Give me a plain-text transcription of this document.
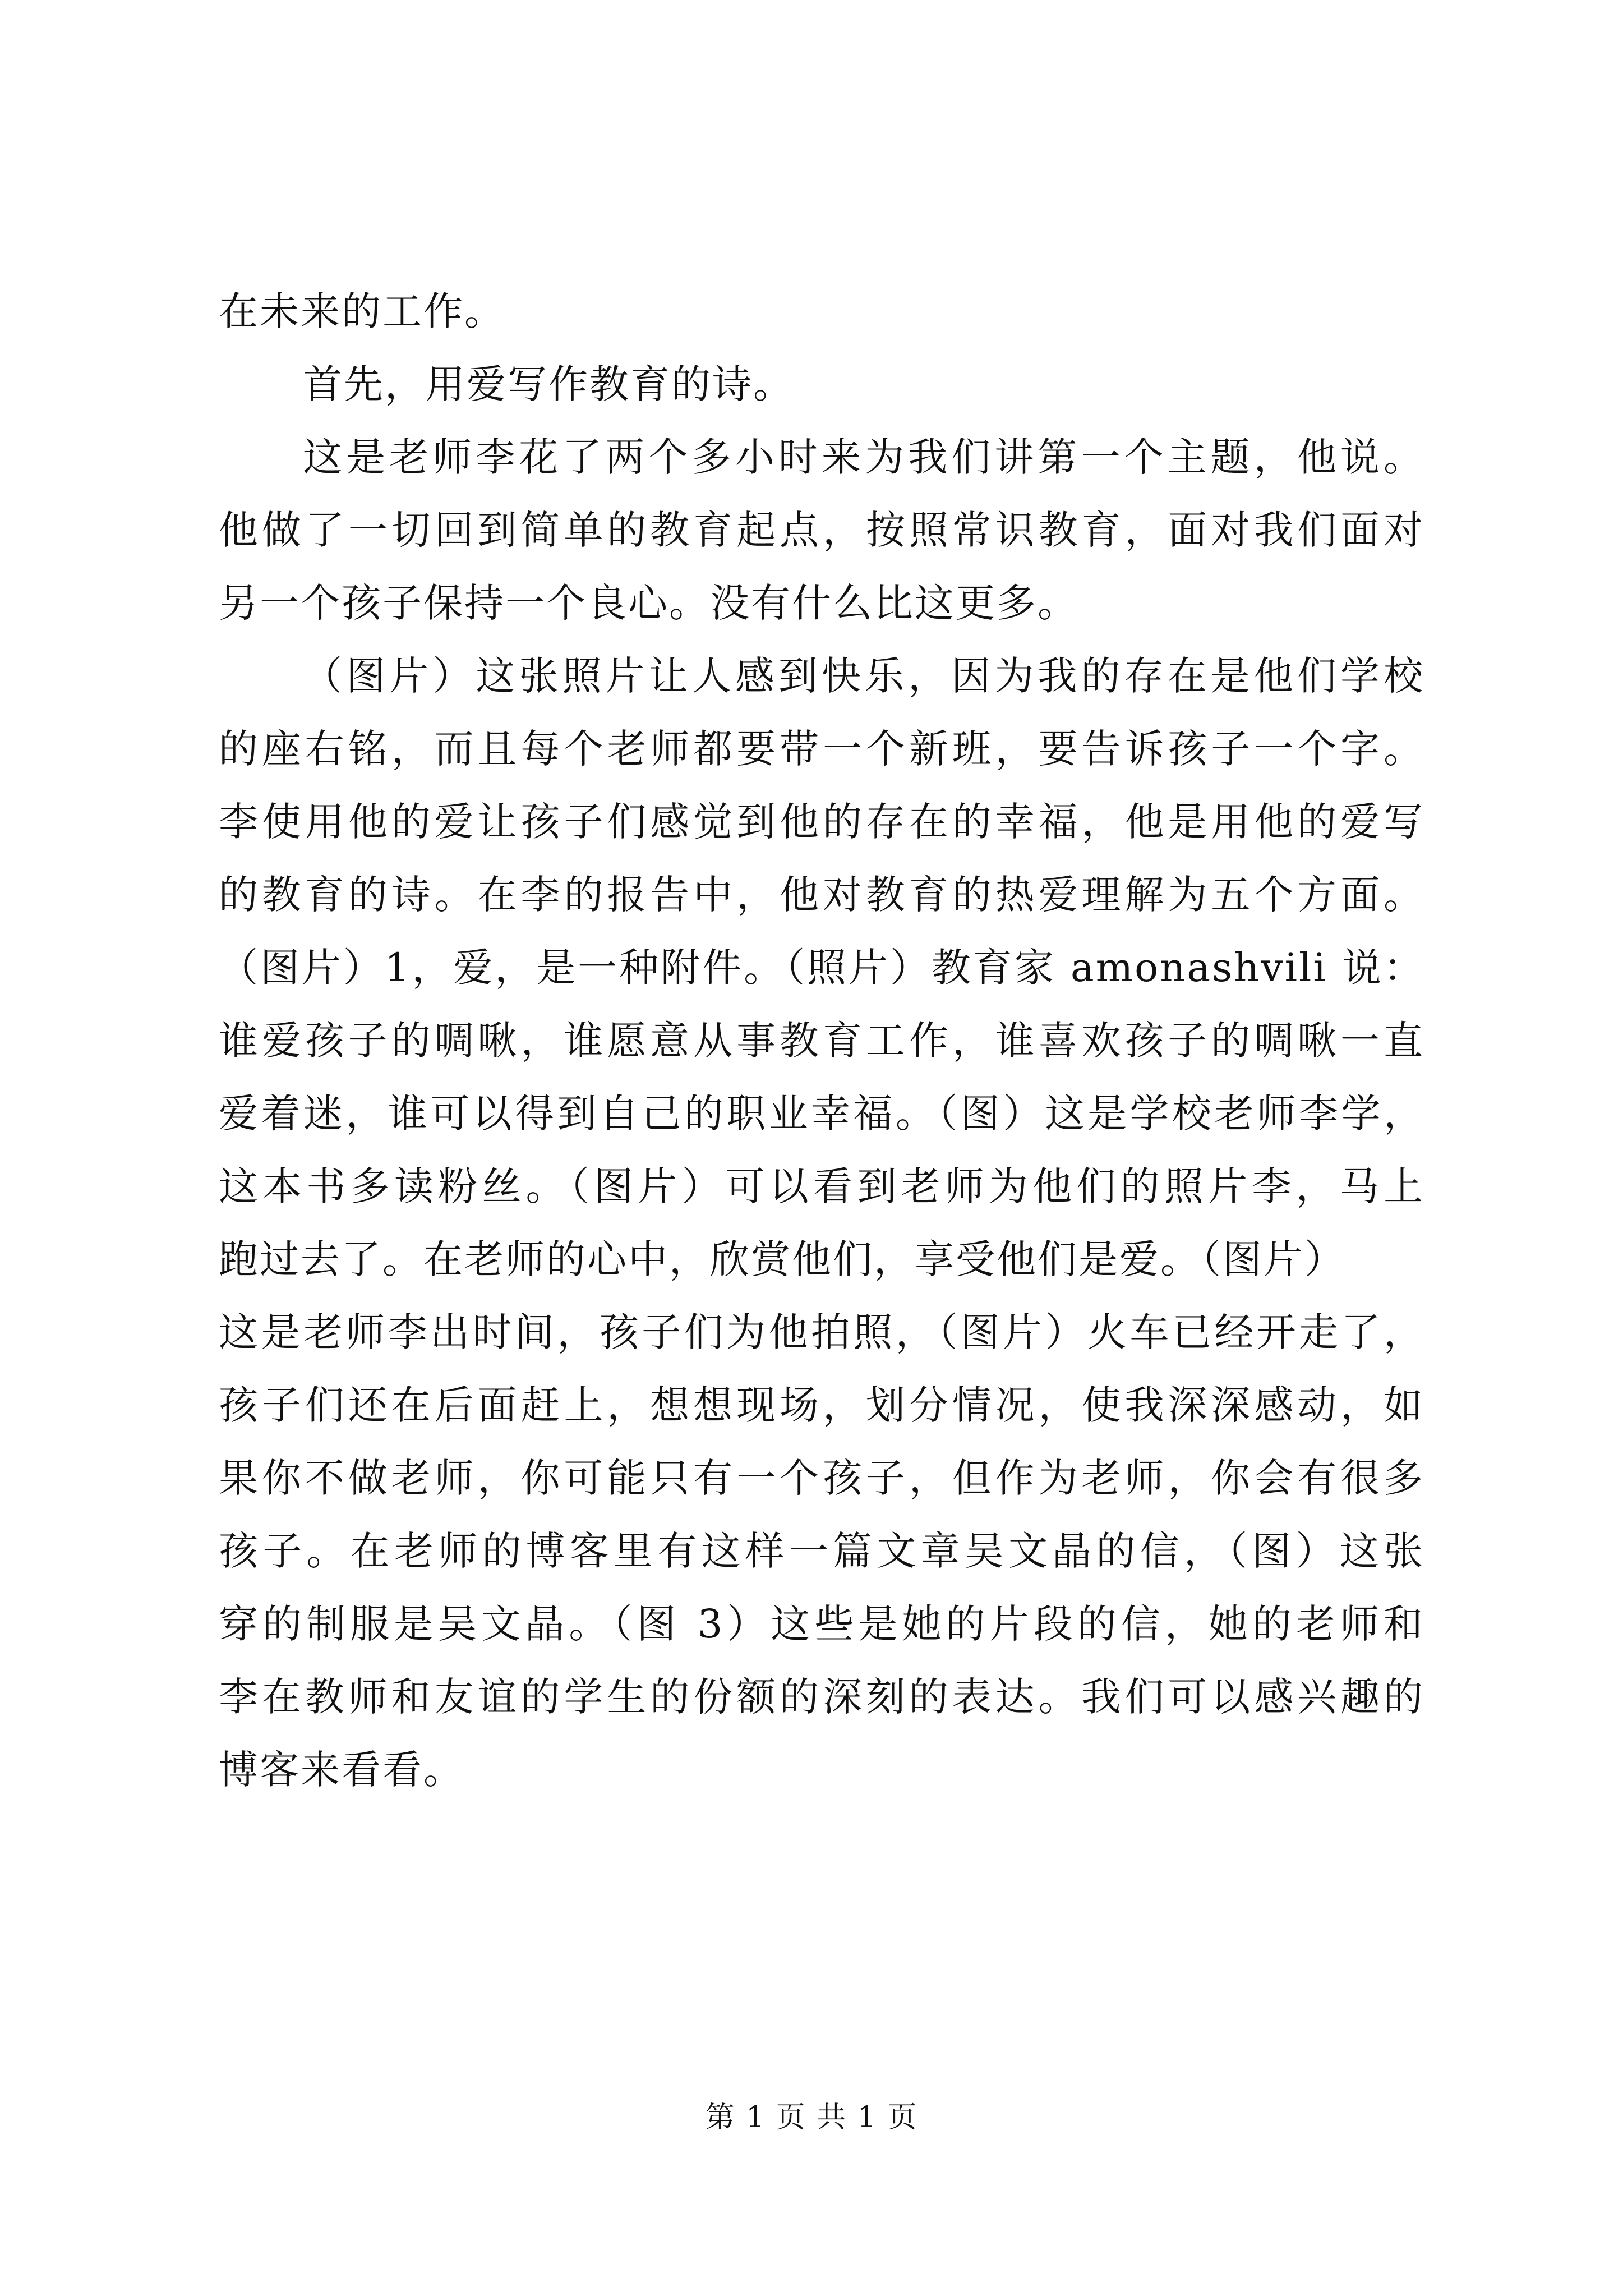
在未来的工作。
首先，用爱写作教育的诗。
这是老师李花了两个多小时来为我们讲第一个主题，他说。
他做了一切回到简单的教育起点，按照常识教育，面对我们面对
另一个孩子保持一个良心。没有什么比这更多。
（图片）这张照片让人感到快乐，因为我的存在是他们学校
的座右铭，而且每个老师都要带一个新班，要告诉孩子一个字。
李使用他的爱让孩子们感觉到他的存在的幸福，他是用他的爱写
的教育的诗。在李的报告中，他对教育的热爱理解为五个方面。
（图片）1，爱，是一种附件。（照片）教育家 amonashvili 说：
谁爱孩子的啁啾，谁愿意从事教育工作，谁喜欢孩子的啁啾一直
爱着迷，谁可以得到自己的职业幸福。（图）这是学校老师李学，
这本书多读粉丝。（图片）可以看到老师为他们的照片李，马上
跑过去了。在老师的心中，欣赏他们，享受他们是爱。（图片）
这是老师李出时间，孩子们为他拍照，（图片）火车已经开走了，
孩子们还在后面赶上，想想现场，划分情况，使我深深感动，如
果你不做老师，你可能只有一个孩子，但作为老师，你会有很多
孩子。在老师的博客里有这样一篇文章吴文晶的信，（图）这张
穿的制服是吴文晶。（图 3）这些是她的片段的信，她的老师和
李在教师和友谊的学生的份额的深刻的表达。我们可以感兴趣的
博客来看看。
第 1 页 共 1 页
